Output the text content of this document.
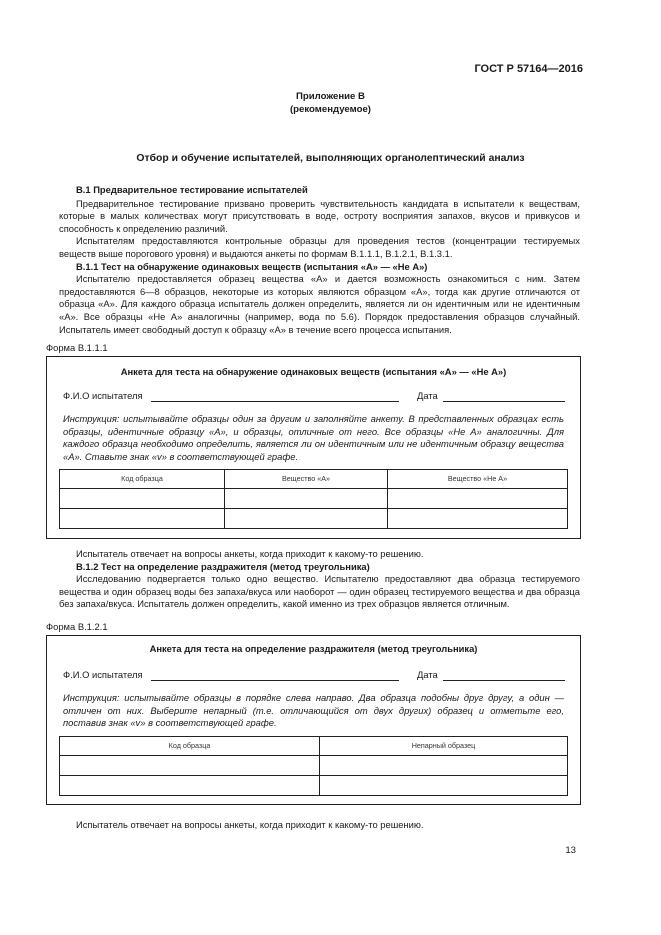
ГОСТ Р 57164—2016
Приложение В
(рекомендуемое)
Отбор и обучение испытателей, выполняющих органолептический анализ
В.1 Предварительное тестирование испытателей
Предварительное тестирование призвано проверить чувствительность кандидата в испытатели к веществам, которые в малых количествах могут присутствовать в воде, остроту восприятия запахов, вкусов и привкусов и способность к определению различий.
Испытателям предоставляются контрольные образцы для проведения тестов (концентрации тестируемых веществ выше порогового уровня) и выдаются анкеты по формам В.1.1.1, В.1.2.1, В.1.3.1.
В.1.1 Тест на обнаружение одинаковых веществ (испытания «А» — «Не А»)
Испытателю предоставляется образец вещества «А» и дается возможность ознакомиться с ним. Затем предоставляются 6—8 образцов, некоторые из которых являются образцом «А», тогда как другие отличаются от образца «А». Для каждого образца испытатель должен определить, является ли он идентичным или не идентичным «А». Все образцы «Не А» аналогичны (например, вода по 5.6). Порядок предоставления образцов случайный. Испытатель имеет свободный доступ к образцу «А» в течение всего процесса испытания.
Форма В.1.1.1
Анкета для теста на обнаружение одинаковых веществ (испытания «А» — «Не А»)
Ф.И.О испытателя	Дата
Инструкция: испытывайте образцы один за другим и заполняйте анкету. В представленных образцах есть образцы, идентичные образцу «А», и образцы, отличные от него. Все образцы «Не А» аналогичны. Для каждого образца необходимо определить, является ли он идентичным или не идентичным образцу вещества «А». Ставьте знак «v» в соответствующей графе.
Код образца	Вещество «А»	Вещество «Не А»

Испытатель отвечает на вопросы анкеты, когда приходит к какому-то решению.
В.1.2 Тест на определение раздражителя (метод треугольника)
Исследованию подвергается только одно вещество. Испытателю предоставляют два образца тестируемого вещества и один образец воды без запаха/вкуса или наоборот — один образец тестируемого вещества и два образца без запаха/вкуса. Испытатель должен определить, какой именно из трех образцов является отличным.
Форма В.1.2.1
Анкета для теста на определение раздражителя (метод треугольника)
Ф.И.О испытателя	Дата
Инструкция: испытывайте образцы в порядке слева направо. Два образца подобны друг другу, а один — отличен от них. Выберите непарный (т.е. отличающийся от двух других) образец и отметьте его, поставив знак «v» в соответствующей графе.
Код образца	Непарный образец

Испытатель отвечает на вопросы анкеты, когда приходит к какому-то решению.
13
